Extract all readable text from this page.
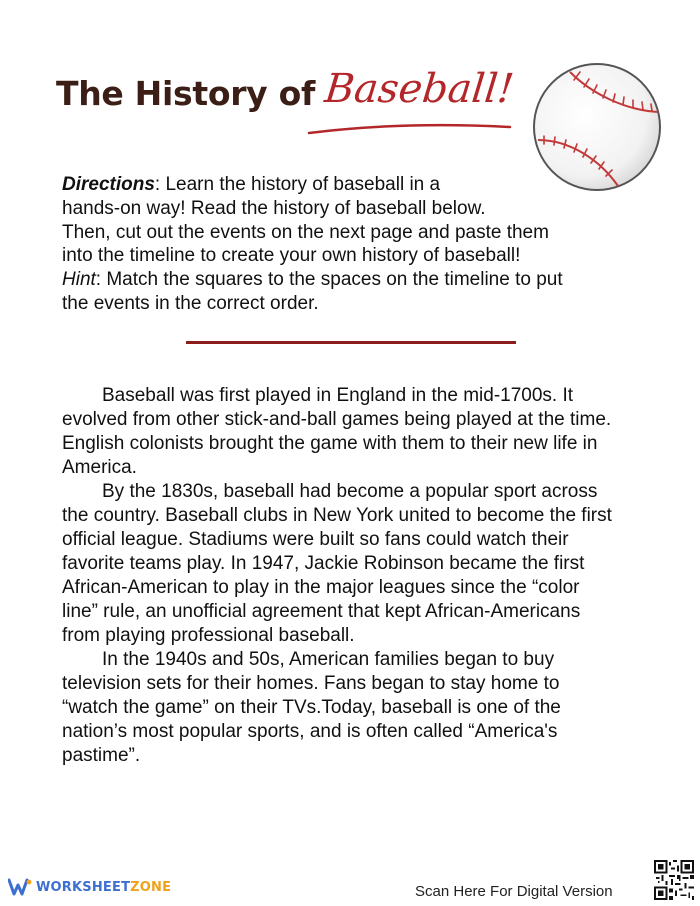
The History of Baseball!
Directions: Learn the history of baseball in a
hands-on way! Read the history of baseball below.
Then, cut out the events on the next page and paste them
into the timeline to create your own history of baseball!
Hint: Match the squares to the spaces on the timeline to put
the events in the correct order.
Baseball was first played in England in the mid-1700s. It
evolved from other stick-and-ball games being played at the time.
English colonists brought the game with them to their new life in
America.
By the 1830s, baseball had become a popular sport across
the country. Baseball clubs in New York united to become the first
official league. Stadiums were built so fans could watch their
favorite teams play. In 1947, Jackie Robinson became the first
African-American to play in the major leagues since the “color
line” rule, an unofficial agreement that kept African-Americans
from playing professional baseball.
In the 1940s and 50s, American families began to buy
television sets for their homes. Fans began to stay home to
“watch the game” on their TVs.Today, baseball is one of the
nation’s most popular sports, and is often called “America's
pastime”.
WORKSHEETZONE	Scan Here For Digital Version
